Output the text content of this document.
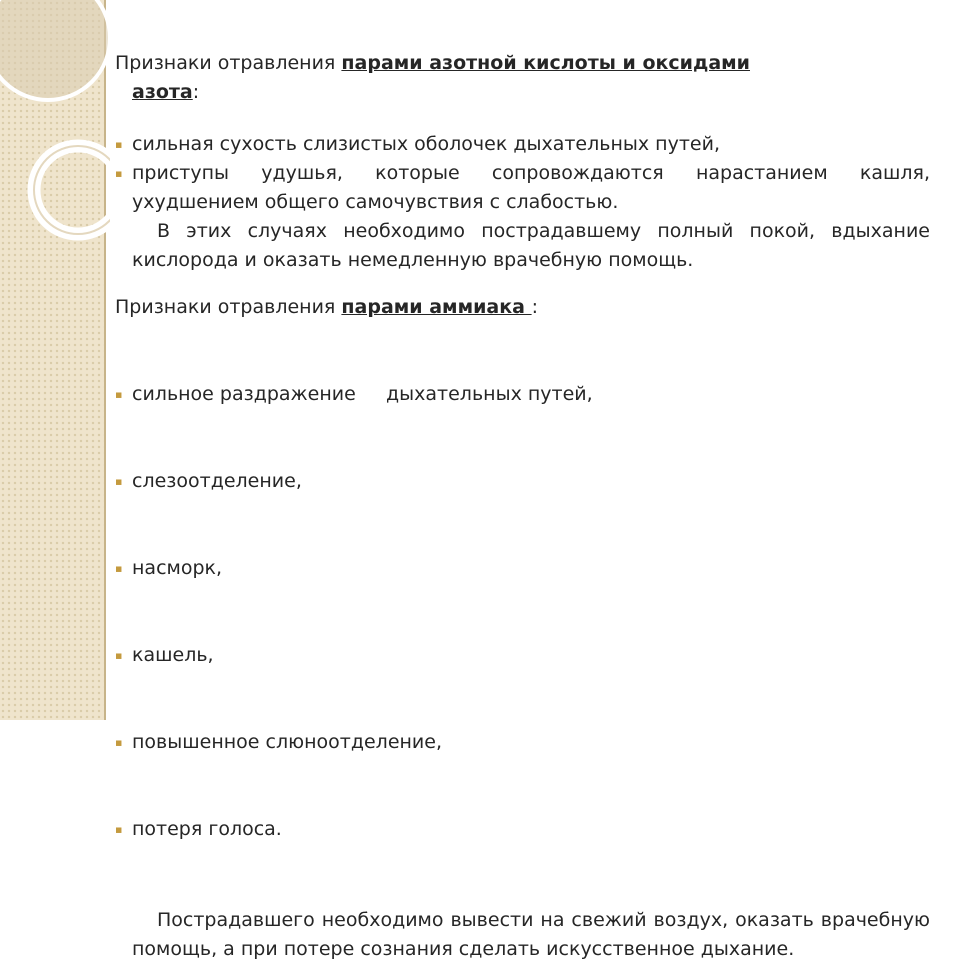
Признаки отравления парами азотной кислоты и оксидами
азота:

▪ сильная сухость слизистых оболочек дыхательных путей,
▪ приступы удушья, которые сопровождаются нарастанием кашля, ухудшением общего самочувствия с слабостью.

В этих случаях необходимо пострадавшему полный покой, вдыхание кислорода и оказать немедленную врачебную помощь.

Признаки отравления парами аммиака :

▪ сильное раздражение     дыхательных путей,

▪ слезоотделение,

▪ насморк,

▪ кашель,

▪ повышенное слюноотделение,

▪ потеря голоса.

Пострадавшего необходимо вывести на свежий воздух, оказать врачебную помощь, а при потере сознания сделать искусственное дыхание.
